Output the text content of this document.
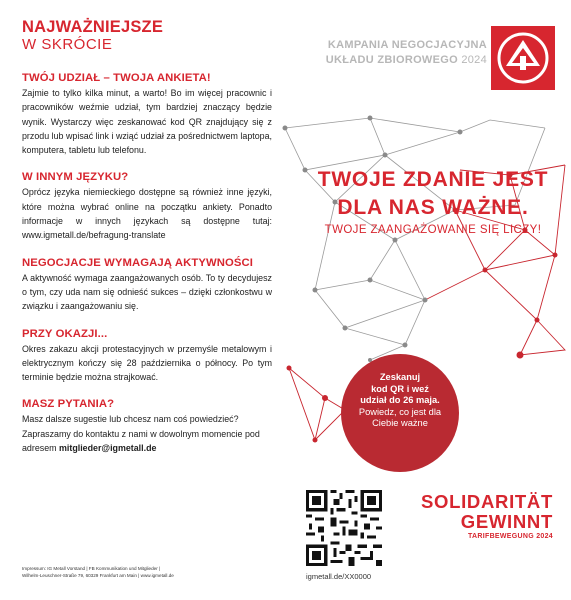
NAJWAŻNIEJSZE
W SKRÓCIE
TWÓJ UDZIAŁ – TWOJA ANKIETA!
Zajmie to tylko kilka minut, a warto! Bo im więcej pracownic i pracowników weźmie udział, tym bardziej znaczący będzie wynik. Wystarczy więc zeskanować kod QR znajdujący się z przodu lub wpisać link i wziąć udział za pośrednictwem laptopa, komputera, tabletu lub telefonu.
W INNYM JĘZYKU?
Oprócz języka niemieckiego dostępne są również inne języki, które można wybrać online na początku ankiety. Ponadto informacje w innych językach są dostępne tutaj: www.igmetall.de/befragung-translate
NEGOCJACJE WYMAGAJĄ AKTYWNOŚCI
A aktywność wymaga zaangażowanych osób. To ty decydujesz o tym, czy uda nam się odnieść sukces – dzięki członkostwu w związku i zaangażowaniu się.
PRZY OKAZJI...
Okres zakazu akcji protestacyjnych w przemyśle metalowym i elektrycznym kończy się 28 października o północy. Po tym terminie będzie można strajkować.
MASZ PYTANIA?
Masz dalsze sugestie lub chcesz nam coś powiedzieć? Zapraszamy do kontaktu z nami w dowolnym momencie pod adresem mitglieder@igmetall.de
Impressum: IG Metall Vorstand | FB Kommunikation und Mitglieder |
Wilhelm-Leuschner-Straße 79, 60329 Frankfurt am Main | www.igmetall.de
KAMPANIA NEGOCJACYJNA
UKŁADU ZBIOROWEGO 2024
TWOJE ZDANIE JEST
DLA NAS WAŻNE.
TWOJE ZAANGAŻOWANIE SIĘ LICZY!
Zeskanuj
kod QR i weź
udział do 26 maja.
Powiedz, co jest dla
Ciebie ważne
igmetall.de/XX0000
SOLIDARITÄT
GEWINNT
TARIFBEWEGUNG 2024
